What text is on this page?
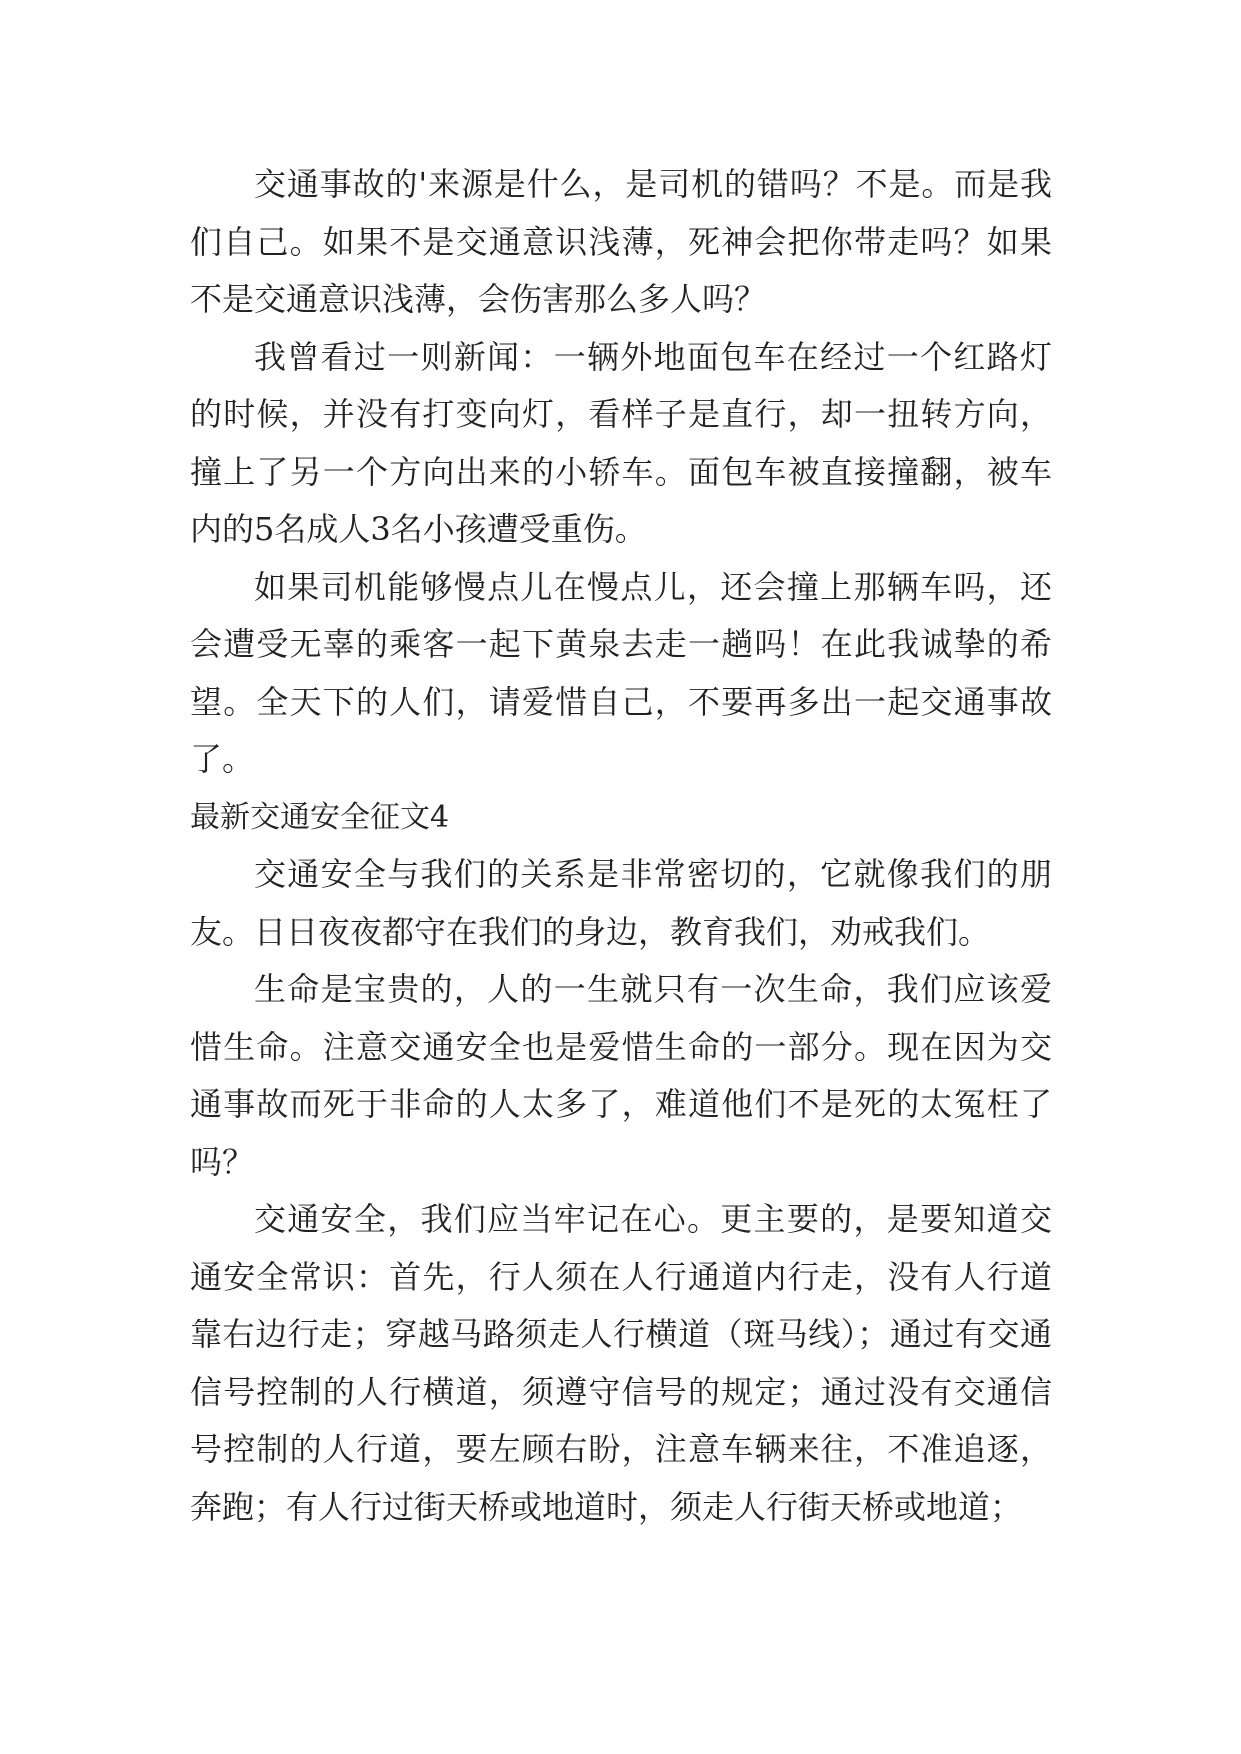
交通事故的'来源是什么，是司机的错吗？不是。而是我们自己。如果不是交通意识浅薄，死神会把你带走吗？如果不是交通意识浅薄，会伤害那么多人吗？

我曾看过一则新闻：一辆外地面包车在经过一个红路灯的时候，并没有打变向灯，看样子是直行，却一扭转方向，撞上了另一个方向出来的小轿车。面包车被直接撞翻，被车内的5名成人3名小孩遭受重伤。

如果司机能够慢点儿在慢点儿，还会撞上那辆车吗，还会遭受无辜的乘客一起下黄泉去走一趟吗！在此我诚挚的希望。全天下的人们，请爱惜自己，不要再多出一起交通事故了。

最新交通安全征文4

交通安全与我们的关系是非常密切的，它就像我们的朋友。日日夜夜都守在我们的身边，教育我们，劝戒我们。

生命是宝贵的，人的一生就只有一次生命，我们应该爱惜生命。注意交通安全也是爱惜生命的一部分。现在因为交通事故而死于非命的人太多了，难道他们不是死的太冤枉了吗？

交通安全，我们应当牢记在心。更主要的，是要知道交通安全常识：首先，行人须在人行通道内行走，没有人行道靠右边行走；穿越马路须走人行横道（斑马线）；通过有交通信号控制的人行横道，须遵守信号的规定；通过没有交通信号控制的人行道，要左顾右盼，注意车辆来往，不准追逐，奔跑；有人行过街天桥或地道时，须走人行街天桥或地道；
